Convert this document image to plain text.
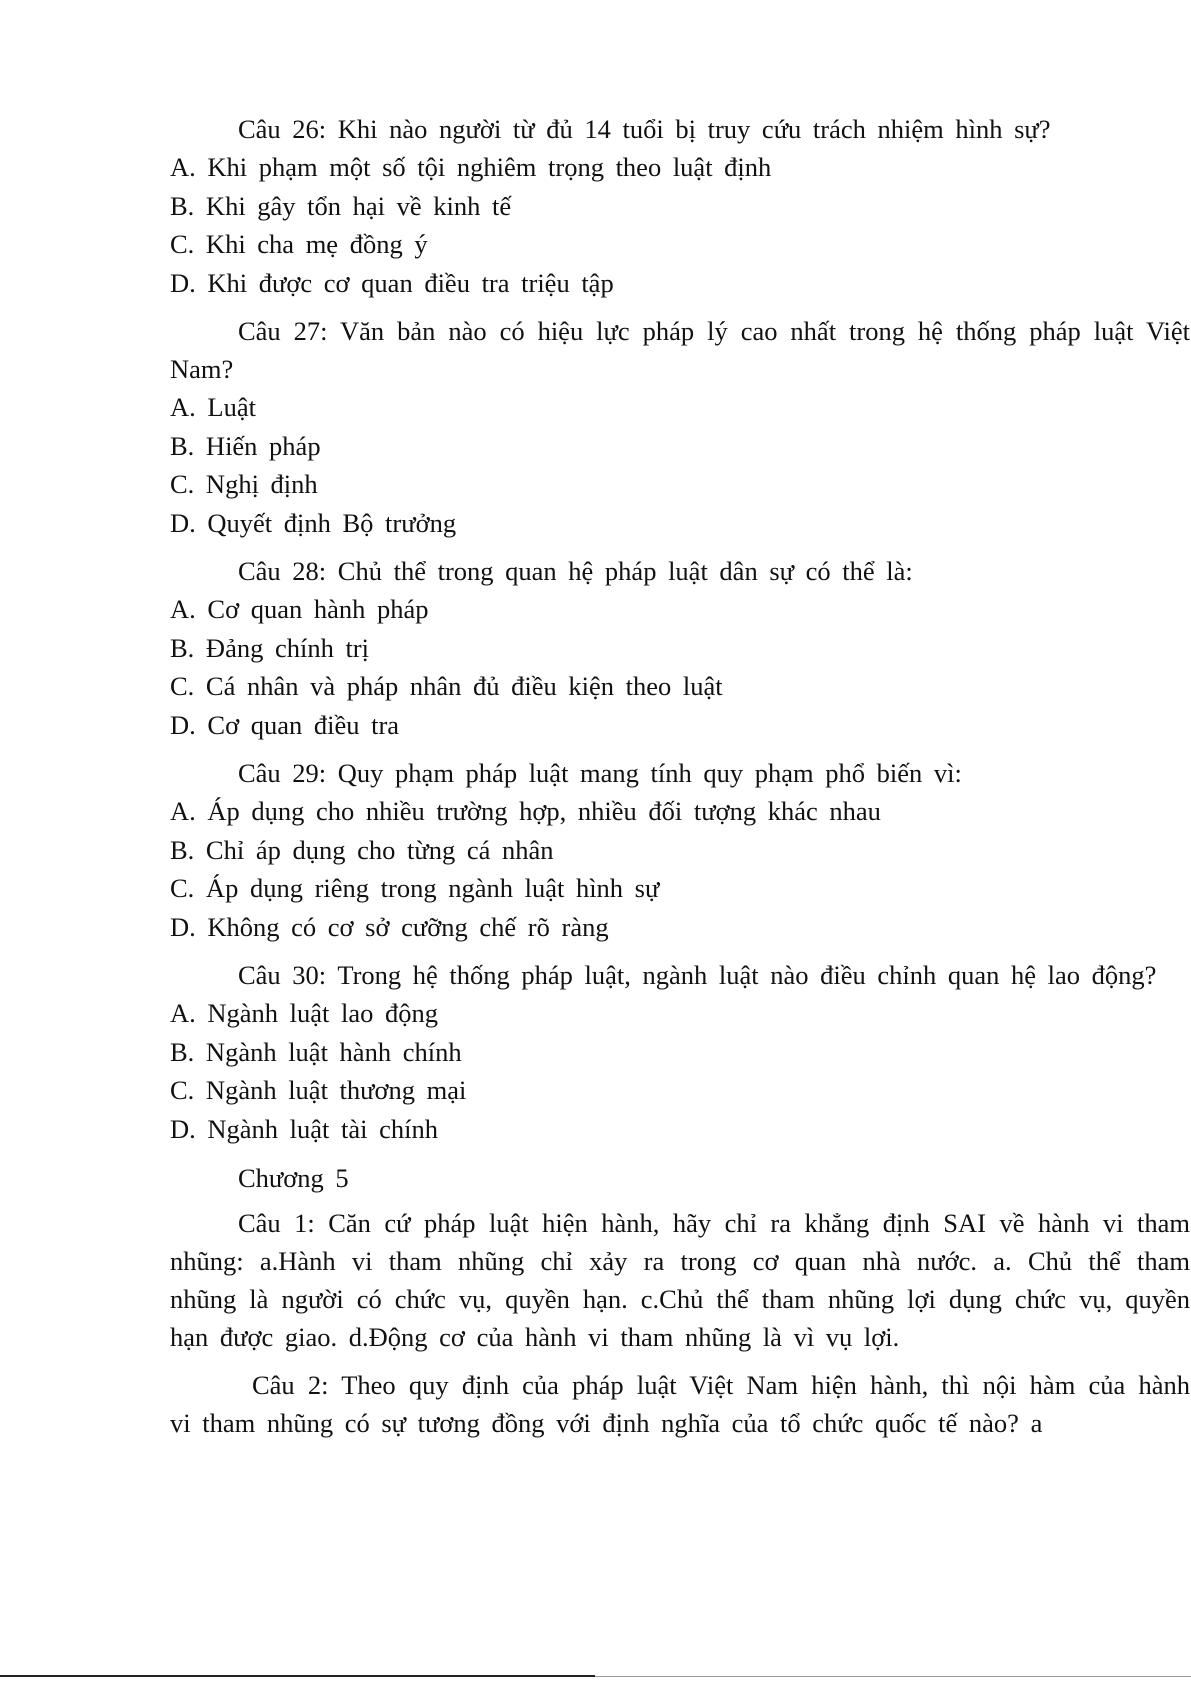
Câu 26: Khi nào người từ đủ 14 tuổi bị truy cứu trách nhiệm hình sự?

A. Khi phạm một số tội nghiêm trọng theo luật định

B. Khi gây tổn hại về kinh tế

C. Khi cha mẹ đồng ý

D. Khi được cơ quan điều tra triệu tập

Câu 27: Văn bản nào có hiệu lực pháp lý cao nhất trong hệ thống pháp luật Việt Nam?

A. Luật

B. Hiến pháp

C. Nghị định

D. Quyết định Bộ trưởng

Câu 28: Chủ thể trong quan hệ pháp luật dân sự có thể là:

A. Cơ quan hành pháp

B. Đảng chính trị

C. Cá nhân và pháp nhân đủ điều kiện theo luật

D. Cơ quan điều tra

Câu 29: Quy phạm pháp luật mang tính quy phạm phổ biến vì:

A. Áp dụng cho nhiều trường hợp, nhiều đối tượng khác nhau

B. Chỉ áp dụng cho từng cá nhân

C. Áp dụng riêng trong ngành luật hình sự

D. Không có cơ sở cưỡng chế rõ ràng

Câu 30: Trong hệ thống pháp luật, ngành luật nào điều chỉnh quan hệ lao động?

A. Ngành luật lao động

B. Ngành luật hành chính

C. Ngành luật thương mại

D. Ngành luật tài chính

Chương 5

Câu 1: Căn cứ pháp luật hiện hành, hãy chỉ ra khẳng định SAI về hành vi tham nhũng: a.Hành vi tham nhũng chỉ xảy ra trong cơ quan nhà nước. a. Chủ thể tham nhũng là người có chức vụ, quyền hạn. c.Chủ thể tham nhũng lợi dụng chức vụ, quyền hạn được giao. d.Động cơ của hành vi tham nhũng là vì vụ lợi.

Câu 2: Theo quy định của pháp luật Việt Nam hiện hành, thì nội hàm của hành vi tham nhũng có sự tương đồng với định nghĩa của tổ chức quốc tế nào? a
